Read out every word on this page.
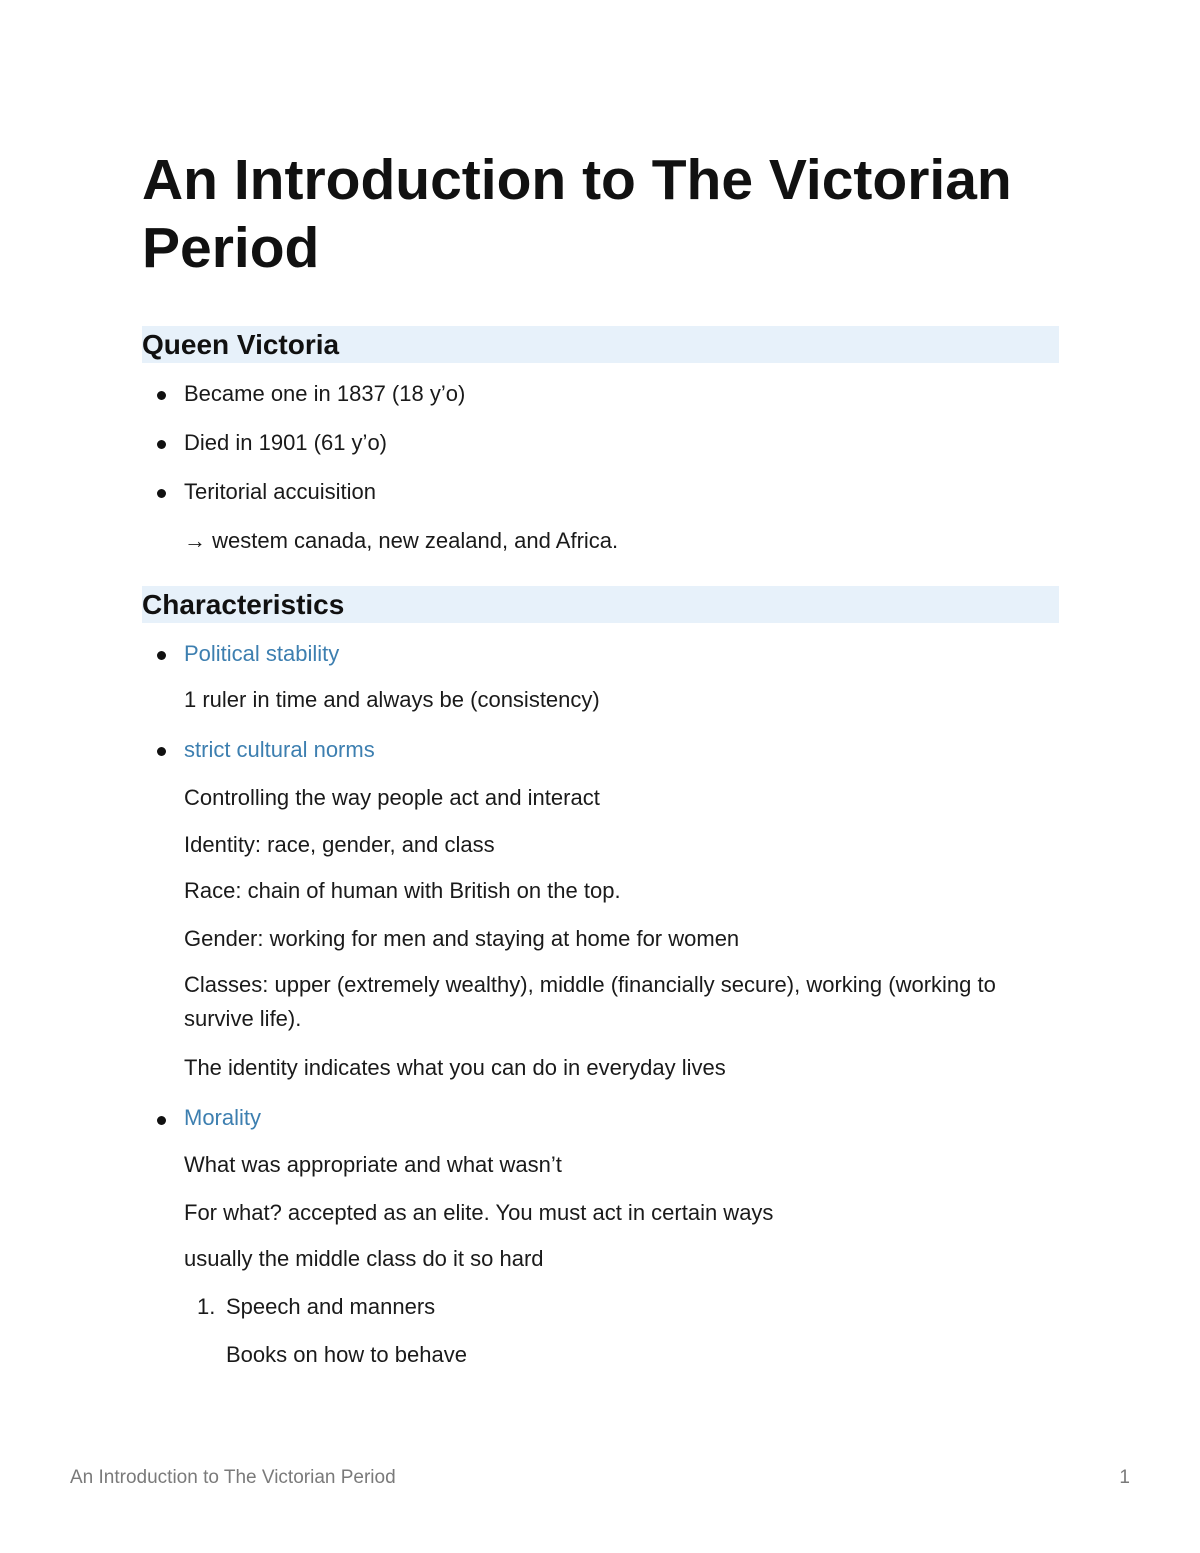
An Introduction to The Victorian Period
Queen Victoria
Became one in 1837 (18 y’o)
Died in 1901 (61 y’o)
Teritorial accuisition
→ westem canada, new zealand, and Africa.
Characteristics
Political stability
1 ruler in time and always be (consistency)
strict cultural norms
Controlling the way people act and interact
Identity: race, gender, and class
Race: chain of human with British on the top.
Gender: working for men and staying at home for women
Classes: upper (extremely wealthy), middle (financially secure), working (working to survive life).
The identity indicates what you can do in everyday lives
Morality
What was appropriate and what wasn’t
For what? accepted as an elite. You must act in certain ways
usually the middle class do it so hard
1. Speech and manners
Books on how to behave
An Introduction to The Victorian Period	1
